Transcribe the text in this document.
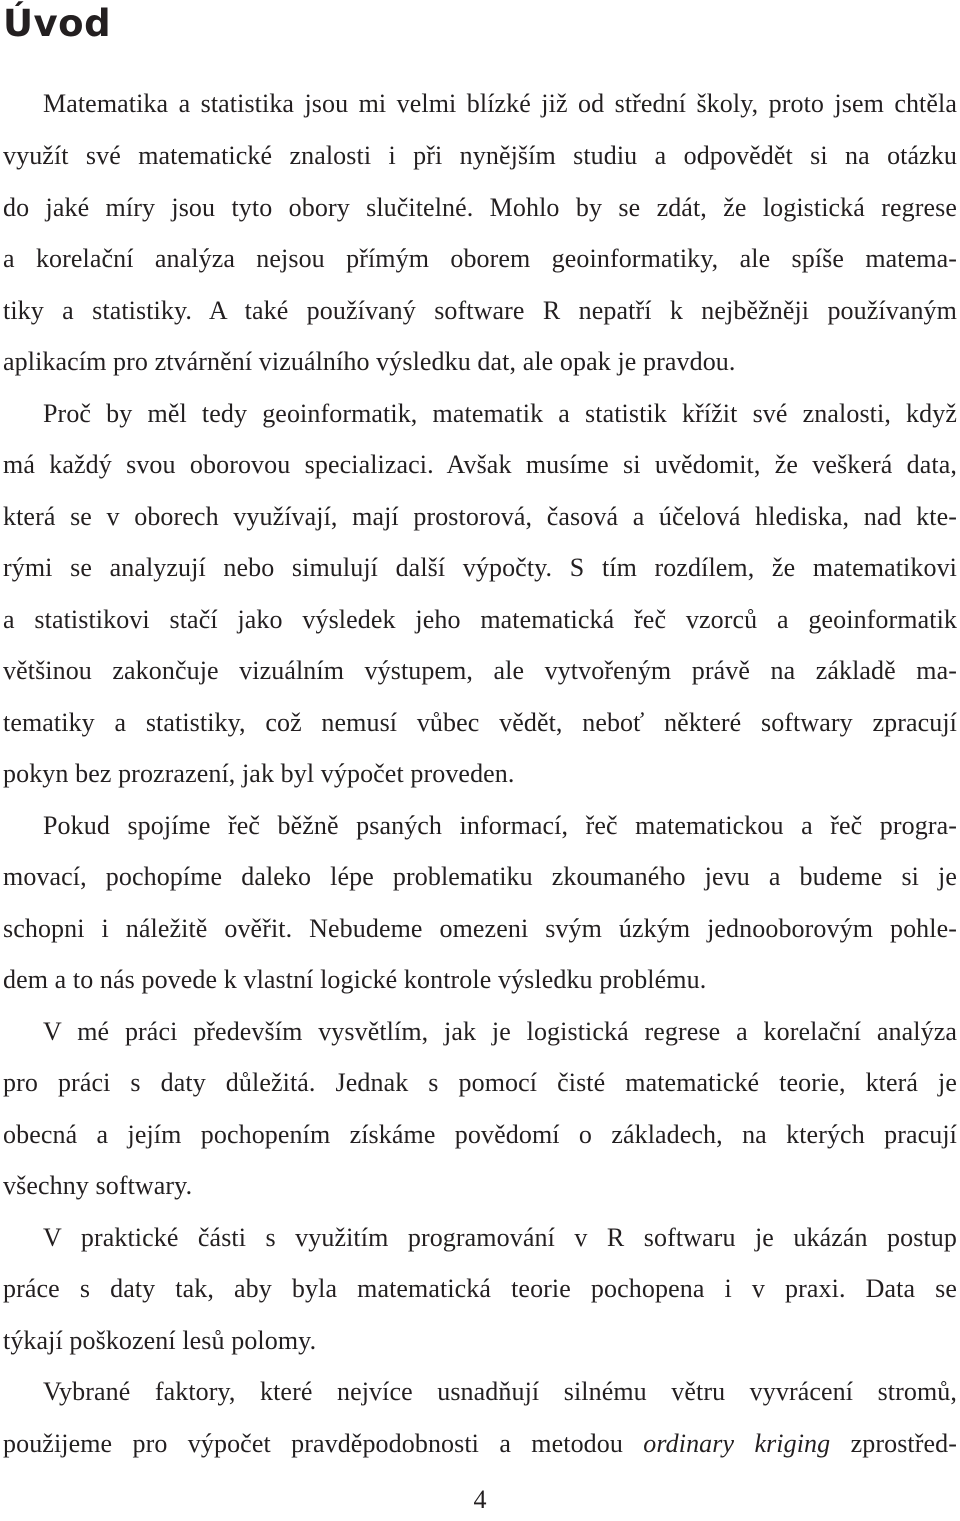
Úvod
Matematika a statistika jsou mi velmi blízké již od střední školy, proto jsem chtěla
využít své matematické znalosti i při nynějším studiu a odpovědět si na otázku
do jaké míry jsou tyto obory slučitelné. Mohlo by se zdát, že logistická regrese
a korelační analýza nejsou přímým oborem geoinformatiky, ale spíše matema-
tiky a statistiky. A také používaný software R nepatří k nejběžněji používaným
aplikacím pro ztvárnění vizuálního výsledku dat, ale opak je pravdou.
Proč by měl tedy geoinformatik, matematik a statistik křížit své znalosti, když
má každý svou oborovou specializaci. Avšak musíme si uvědomit, že veškerá data,
která se v oborech využívají, mají prostorová, časová a účelová hlediska, nad kte-
rými se analyzují nebo simulují další výpočty. S tím rozdílem, že matematikovi
a statistikovi stačí jako výsledek jeho matematická řeč vzorců a geoinformatik
většinou zakončuje vizuálním výstupem, ale vytvořeným právě na základě ma-
tematiky a statistiky, což nemusí vůbec vědět, neboť některé softwary zpracují
pokyn bez prozrazení, jak byl výpočet proveden.
Pokud spojíme řeč běžně psaných informací, řeč matematickou a řeč progra-
movací, pochopíme daleko lépe problematiku zkoumaného jevu a budeme si je
schopni i náležitě ověřit. Nebudeme omezeni svým úzkým jednooborovým pohle-
dem a to nás povede k vlastní logické kontrole výsledku problému.
V mé práci především vysvětlím, jak je logistická regrese a korelační analýza
pro práci s daty důležitá. Jednak s pomocí čisté matematické teorie, která je
obecná a jejím pochopením získáme povědomí o základech, na kterých pracují
všechny softwary.
V praktické části s využitím programování v R softwaru je ukázán postup
práce s daty tak, aby byla matematická teorie pochopena i v praxi. Data se
týkají poškození lesů polomy.
Vybrané faktory, které nejvíce usnadňují silnému větru vyvrácení stromů,
použijeme pro výpočet pravděpodobnosti a metodou ordinary kriging zprostřed-
4
